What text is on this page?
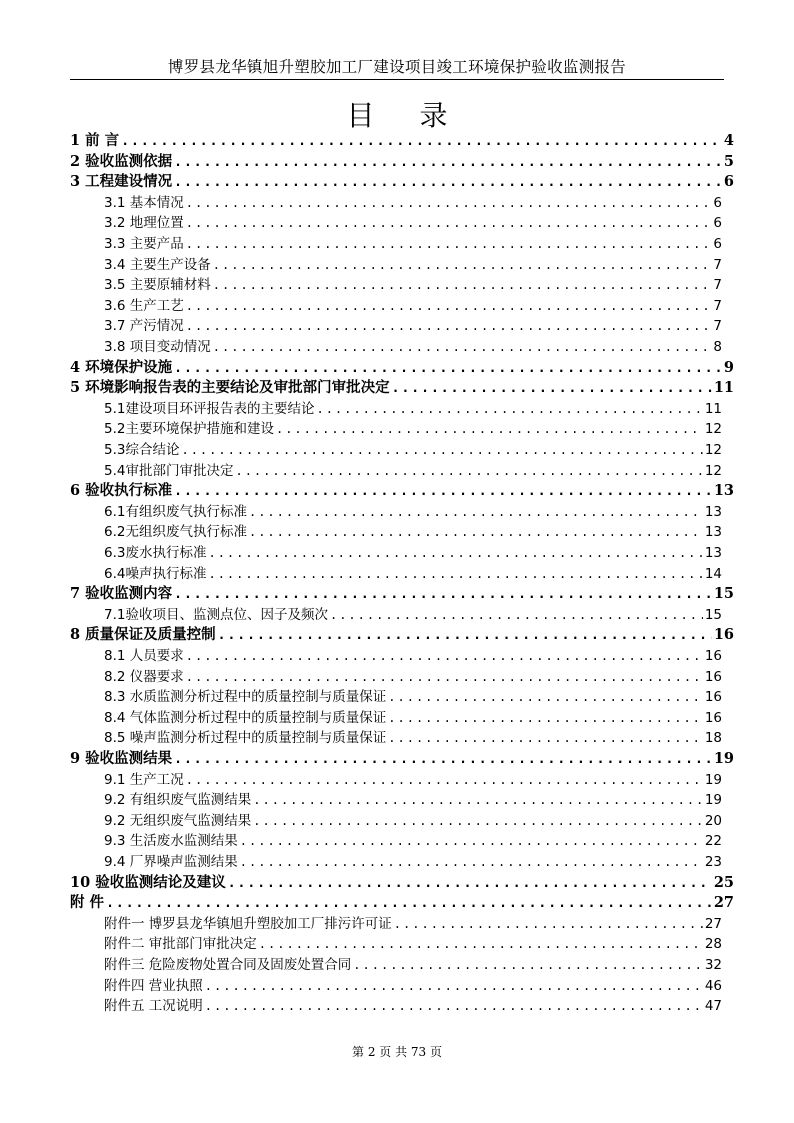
博罗县龙华镇旭升塑胶加工厂建设项目竣工环境保护验收监测报告
目 录
1 前 言 .....	4
2 验收监测依据 .....	5
3 工程建设情况 .....	6
3.1 基本情况 .....	6
3.2 地理位置 .....	6
3.3 主要产品 .....	6
3.4 主要生产设备 .....	7
3.5 主要原辅材料 .....	7
3.6 生产工艺 .....	7
3.7 产污情况 .....	7
3.8 项目变动情况 .....	8
4 环境保护设施 .....	9
5 环境影响报告表的主要结论及审批部门审批决定 .....	11
5.1建设项目环评报告表的主要结论 .....	11
5.2主要环境保护措施和建设 .....	12
5.3综合结论 .....	12
5.4审批部门审批决定 .....	12
6 验收执行标准 .....	13
6.1有组织废气执行标准 .....	13
6.2无组织废气执行标准 .....	13
6.3废水执行标准 .....	13
6.4噪声执行标准 .....	14
7 验收监测内容 .....	15
7.1验收项目、监测点位、因子及频次 .....	15
8 质量保证及质量控制 .....	16
8.1 人员要求 .....	16
8.2 仪器要求 .....	16
8.3 水质监测分析过程中的质量控制与质量保证 .....	16
8.4 气体监测分析过程中的质量控制与质量保证 .....	16
8.5 噪声监测分析过程中的质量控制与质量保证 .....	18
9 验收监测结果 .....	19
9.1 生产工况 .....	19
9.2 有组织废气监测结果 .....	19
9.2 无组织废气监测结果 .....	20
9.3 生活废水监测结果 .....	22
9.4 厂界噪声监测结果 .....	23
10 验收监测结论及建议 .....	25
附 件 .....	27
附件一 博罗县龙华镇旭升塑胶加工厂排污许可证 .....	27
附件二 审批部门审批决定 .....	28
附件三 危险废物处置合同及固废处置合同 .....	32
附件四 营业执照 .....	46
附件五 工况说明 .....	47
第 2 页 共 73 页
